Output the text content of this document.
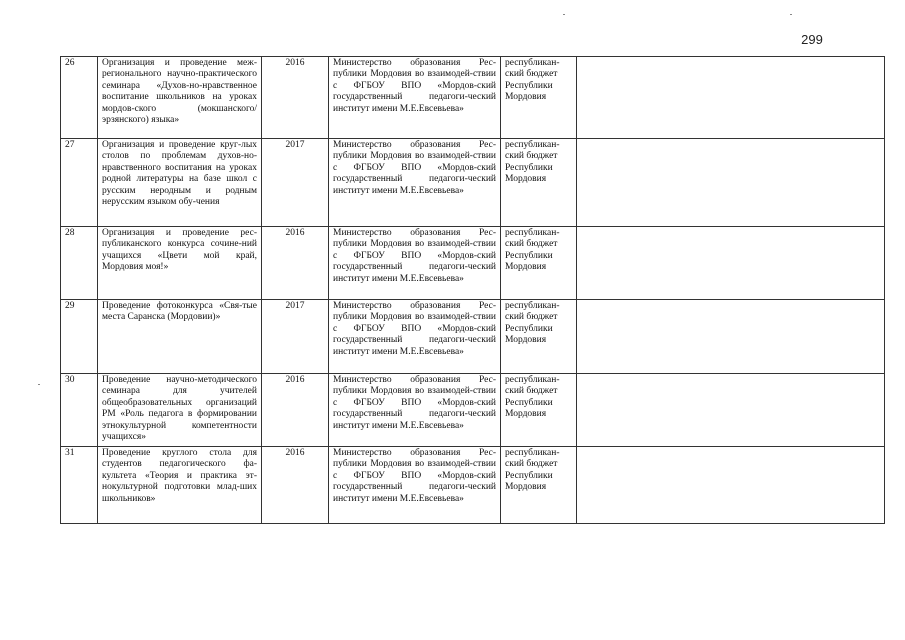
299
26	Организация и проведение меж-регионального научно-практического семинара «Духов-но-нравственное воспитание школьников на уроках мордов-ского (мокшанского/эрзянского) языка»	2016	Министерство образования Рес-публики Мордовия во взаимодей-ствии с ФГБОУ ВПО «Мордов-ский государственный педагоги-ческий институт имени М.Е.Евсевьева»	республикан-ский бюджет Республики Мордовия	
27	Организация и проведение круг-лых столов по проблемам духов-но-нравственного воспитания на уроках родной литературы на базе школ с русским неродным и родным нерусским языком обу-чения	2017	Министерство образования Рес-публики Мордовия во взаимодей-ствии с ФГБОУ ВПО «Мордов-ский государственный педагоги-ческий институт имени М.Е.Евсевьева»	республикан-ский бюджет Республики Мордовия	
28	Организация и проведение рес-публиканского конкурса сочине-ний учащихся «Цвети мой край, Мордовия моя!»	2016	Министерство образования Рес-публики Мордовия во взаимодей-ствии с ФГБОУ ВПО «Мордов-ский государственный педагоги-ческий институт имени М.Е.Евсевьева»	республикан-ский бюджет Республики Мордовия	
29	Проведение фотоконкурса «Свя-тые места Саранска (Мордовии)»	2017	Министерство образования Рес-публики Мордовия во взаимодей-ствии с ФГБОУ ВПО «Мордов-ский государственный педагоги-ческий институт имени М.Е.Евсевьева»	республикан-ский бюджет Республики Мордовия	
30	Проведение научно-методического семинара для учителей общеобразовательных организаций РМ «Роль педагога в формировании этнокультурной компетентности учащихся»	2016	Министерство образования Рес-публики Мордовия во взаимодей-ствии с ФГБОУ ВПО «Мордов-ский государственный педагоги-ческий институт имени М.Е.Евсевьева»	республикан-ский бюджет Республики Мордовия	
31	Проведение круглого стола для студентов педагогического фа-культета «Теория и практика эт-нокультурной подготовки млад-ших школьников»	2016	Министерство образования Рес-публики Мордовия во взаимодей-ствии с ФГБОУ ВПО «Мордов-ский государственный педагоги-ческий институт имени М.Е.Евсевьева»	республикан-ский бюджет Республики Мордовия	
